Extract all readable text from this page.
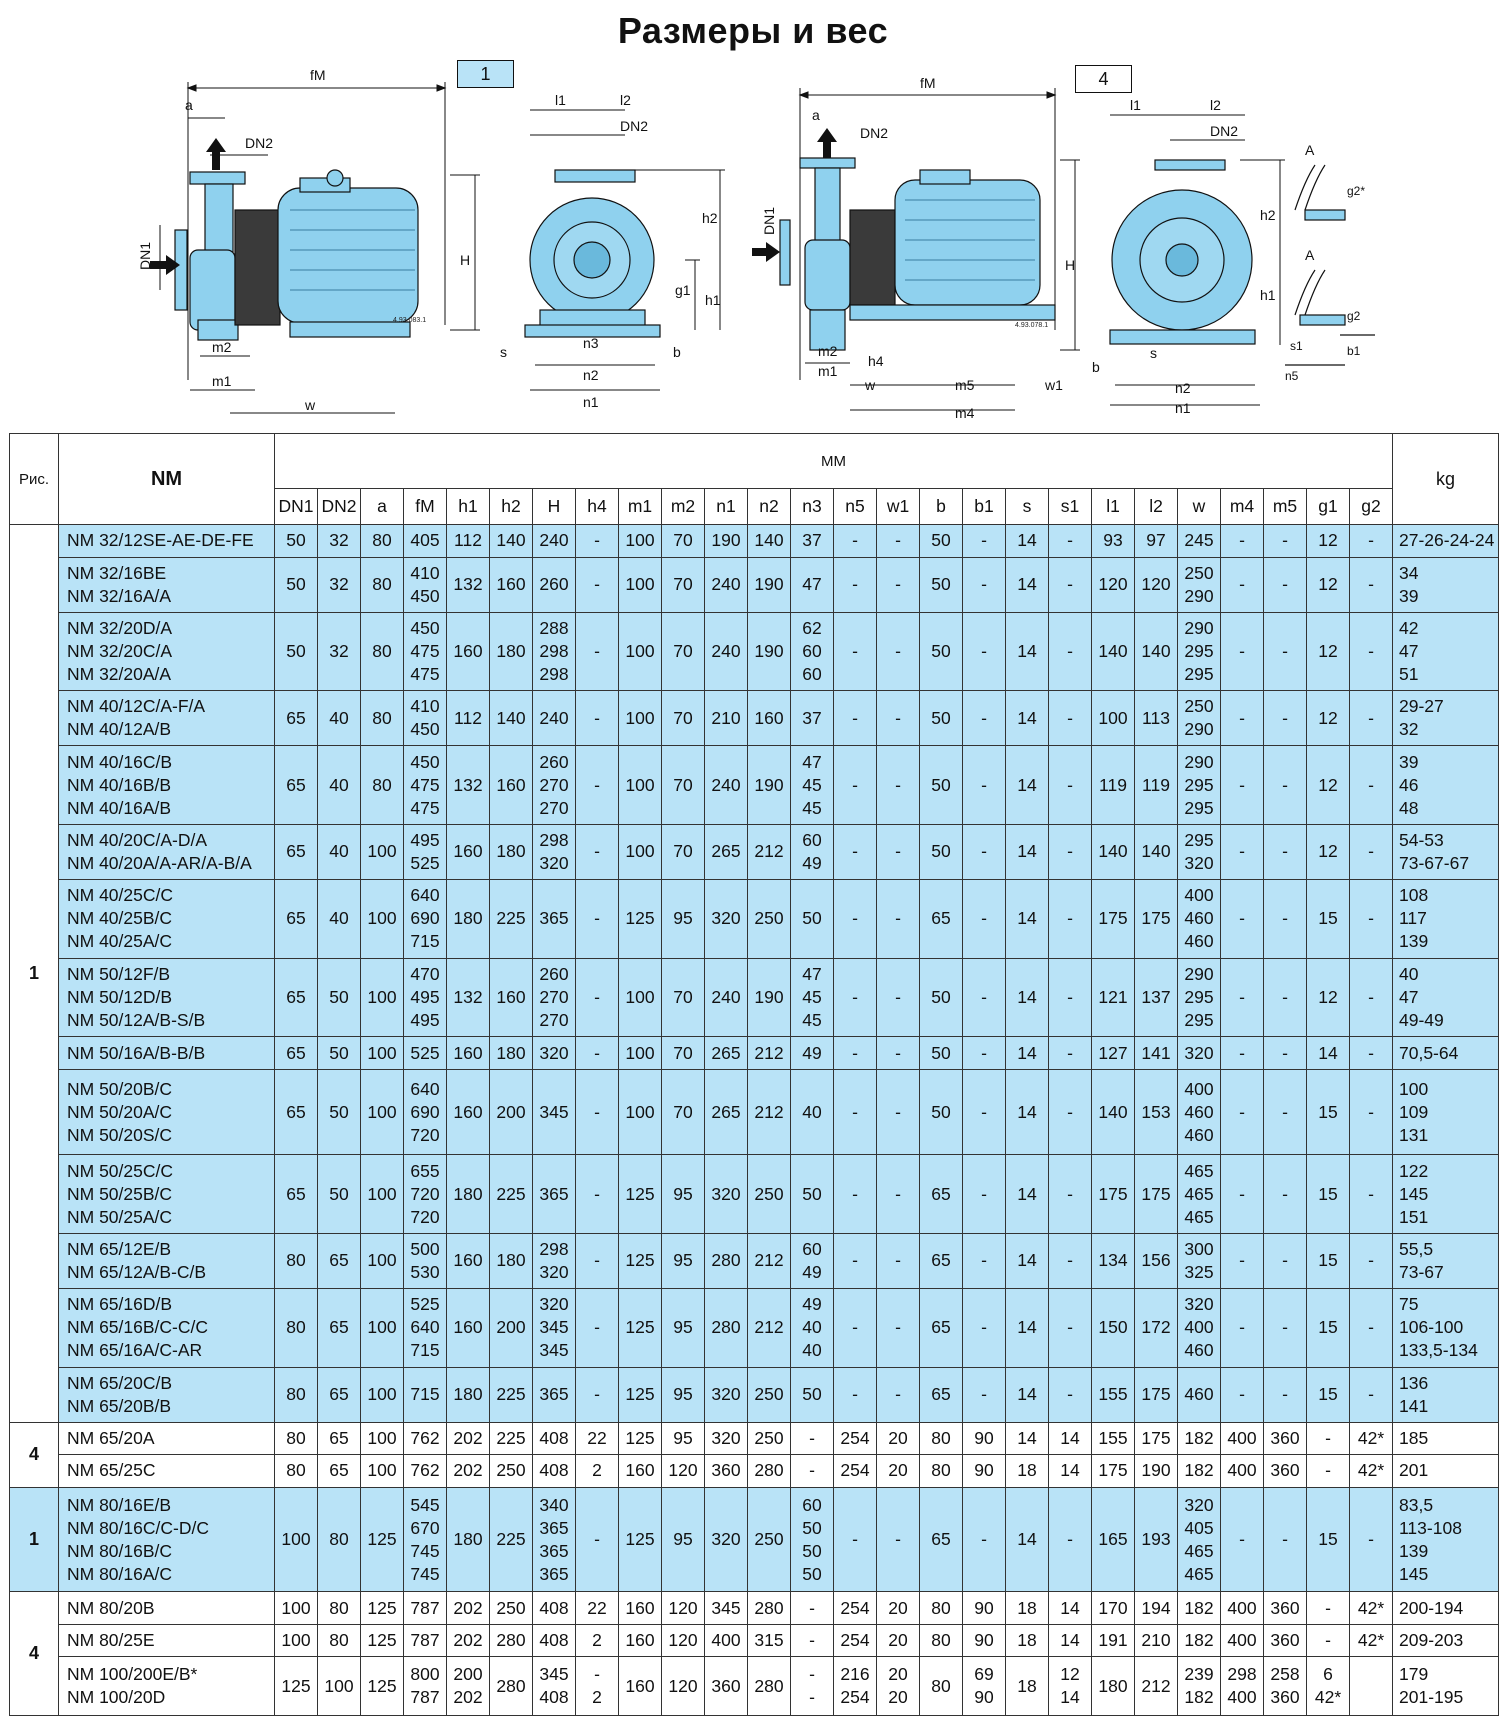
Размеры и вес
fM
a
DN2
DN1	H
m2
m1
w
4.93.083.1
1
l1	l2
DN2
h2
g1
h1
s
n3
b
n2
n1
fM
a
DN2
DN1
H
m2
m1
h4
w	m5	w1
m4
4.93.078.1
4
l1	l2
DN2
h2
h1
b
s
n2
n1
A
g2*
A
g2
s1	b1
n5
Рис.	NM	MM																										kg
		DN1	DN2	a	fM	h1	h2	H	h4	m1	m2	n1	n2	n3	n5	w1	b	b1	s	s1	l1	l2	w	m4	m5	g1	g2	
1	NM 32/12SE-AE-DE-FE	50	32	80	405	112	140	240	-	100	70	190	140	37	-	-	50	-	14	-	93	97	245	-	-	12	-	27-26-24-24

	NM 32/16BE
NM 32/16A/A	50	32	80	410
450	132	160	260	-	100	70	240	190	47	-	-	50	-	14	-	120	120	250
290	-	-	12	-	34
39

	NM 32/20D/A
NM 32/20C/A
NM 32/20A/A	50	32	80	450
475
475	160	180	288
298
298	-	100	70	240	190	62
60
60	-	-	50	-	14	-	140	140	290
295
295	-	-	12	-	42
47
51

	NM 40/12C/A-F/A
NM 40/12A/B	65	40	80	410
450	112	140	240	-	100	70	210	160	37	-	-	50	-	14	-	100	113	250
290	-	-	12	-	29-27
32

	NM 40/16C/B
NM 40/16B/B
NM 40/16A/B	65	40	80	450
475
475	132	160	260
270
270	-	100	70	240	190	47
45
45	-	-	50	-	14	-	119	119	290
295
295	-	-	12	-	39
46
48

	NM 40/20C/A-D/A
NM 40/20A/A-AR/A-B/A	65	40	100	495
525	160	180	298
320	-	100	70	265	212	60
49	-	-	50	-	14	-	140	140	295
320	-	-	12	-	54-53
73-67-67

	NM 40/25C/C
NM 40/25B/C
NM 40/25A/C	65	40	100	640
690
715	180	225	365	-	125	95	320	250	50	-	-	65	-	14	-	175	175	400
460
460	-	-	15	-	108
117
139

	NM 50/12F/B
NM 50/12D/B
NM 50/12A/B-S/B	65	50	100	470
495
495	132	160	260
270
270	-	100	70	240	190	47
45
45	-	-	50	-	14	-	121	137	290
295
295	-	-	12	-	40
47
49-49

	NM 50/16A/B-B/B	65	50	100	525	160	180	320	-	100	70	265	212	49	-	-	50	-	14	-	127	141	320	-	-	14	-	70,5-64

	NM 50/20B/C
NM 50/20A/C
NM 50/20S/C	65	50	100	640
690
720	160	200	345	-	100	70	265	212	40	-	-	50	-	14	-	140	153	400
460
460	-	-	15	-	100
109
131

	NM 50/25C/C
NM 50/25B/C
NM 50/25A/C	65	50	100	655
720
720	180	225	365	-	125	95	320	250	50	-	-	65	-	14	-	175	175	465
465
465	-	-	15	-	122
145
151

	NM 65/12E/B
NM 65/12A/B-C/B	80	65	100	500
530	160	180	298
320	-	125	95	280	212	60
49	-	-	65	-	14	-	134	156	300
325	-	-	15	-	55,5
73-67

	NM 65/16D/B
NM 65/16B/C-C/C
NM 65/16A/C-AR	80	65	100	525
640
715	160	200	320
345
345	-	125	95	280	212	49
40
40	-	-	65	-	14	-	150	172	320
400
460	-	-	15	-	75
106-100
133,5-134

	NM 65/20C/B
NM 65/20B/B	80	65	100	715	180	225	365	-	125	95	320	250	50	-	-	65	-	14	-	155	175	460	-	-	15	-	136
141

4	NM 65/20A	80	65	100	762	202	225	408	22	125	95	320	250	-	254	20	80	90	14	14	155	175	182	400	360	-	42*	185

	NM 65/25C	80	65	100	762	202	250	408	2	160	120	360	280	-	254	20	80	90	18	14	175	190	182	400	360	-	42*	201

1	NM 80/16E/B
NM 80/16C/C-D/C
NM 80/16B/C
NM 80/16A/C	100	80	125	545
670
745
745	180	225	340
365
365
365	-	125	95	320	250	60
50
50
50	-	-	65	-	14	-	165	193	320
405
465
465	-	-	15	-	83,5
113-108
139
145

4	NM 80/20B	100	80	125	787	202	250	408	22	160	120	345	280	-	254	20	80	90	18	14	170	194	182	400	360	-	42*	200-194

	NM 80/25E	100	80	125	787	202	280	408	2	160	120	400	315	-	254	20	80	90	18	14	191	210	182	400	360	-	42*	209-203

	NM 100/200E/B*
NM 100/20D	125	100	125	800
787	200
202	280	345
408	-
2	160	120	360	280	-
-	216
254	20
20	80	69
90	18	12
14	180	212	239
182	298
400	258
360	6
42*		179
201-195
